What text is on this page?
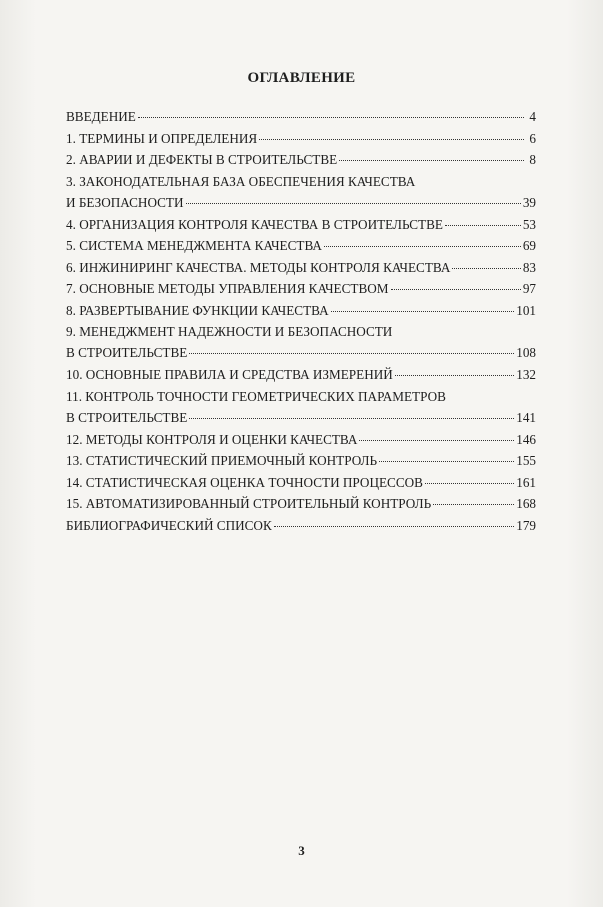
ОГЛАВЛЕНИЕ
ВВЕДЕНИЕ	4
1. ТЕРМИНЫ И ОПРЕДЕЛЕНИЯ	6
2. АВАРИИ И ДЕФЕКТЫ В СТРОИТЕЛЬСТВЕ	8
3. ЗАКОНОДАТЕЛЬНАЯ БАЗА ОБЕСПЕЧЕНИЯ КАЧЕСТВА
И БЕЗОПАСНОСТИ	39
4. ОРГАНИЗАЦИЯ КОНТРОЛЯ КАЧЕСТВА В СТРОИТЕЛЬСТВЕ	53
5. СИСТЕМА МЕНЕДЖМЕНТА КАЧЕСТВА	69
6. ИНЖИНИРИНГ КАЧЕСТВА. МЕТОДЫ КОНТРОЛЯ КАЧЕСТВА	83
7. ОСНОВНЫЕ МЕТОДЫ УПРАВЛЕНИЯ КАЧЕСТВОМ	97
8. РАЗВЕРТЫВАНИЕ ФУНКЦИИ КАЧЕСТВА	101
9. МЕНЕДЖМЕНТ НАДЕЖНОСТИ И БЕЗОПАСНОСТИ
В СТРОИТЕЛЬСТВЕ	108
10. ОСНОВНЫЕ ПРАВИЛА И СРЕДСТВА ИЗМЕРЕНИЙ	132
11. КОНТРОЛЬ ТОЧНОСТИ ГЕОМЕТРИЧЕСКИХ ПАРАМЕТРОВ
В СТРОИТЕЛЬСТВЕ	141
12. МЕТОДЫ КОНТРОЛЯ И ОЦЕНКИ КАЧЕСТВА	146
13. СТАТИСТИЧЕСКИЙ ПРИЕМОЧНЫЙ КОНТРОЛЬ	155
14. СТАТИСТИЧЕСКАЯ ОЦЕНКА ТОЧНОСТИ ПРОЦЕССОВ	161
15. АВТОМАТИЗИРОВАННЫЙ СТРОИТЕЛЬНЫЙ КОНТРОЛЬ	168
БИБЛИОГРАФИЧЕСКИЙ СПИСОК	179
3
